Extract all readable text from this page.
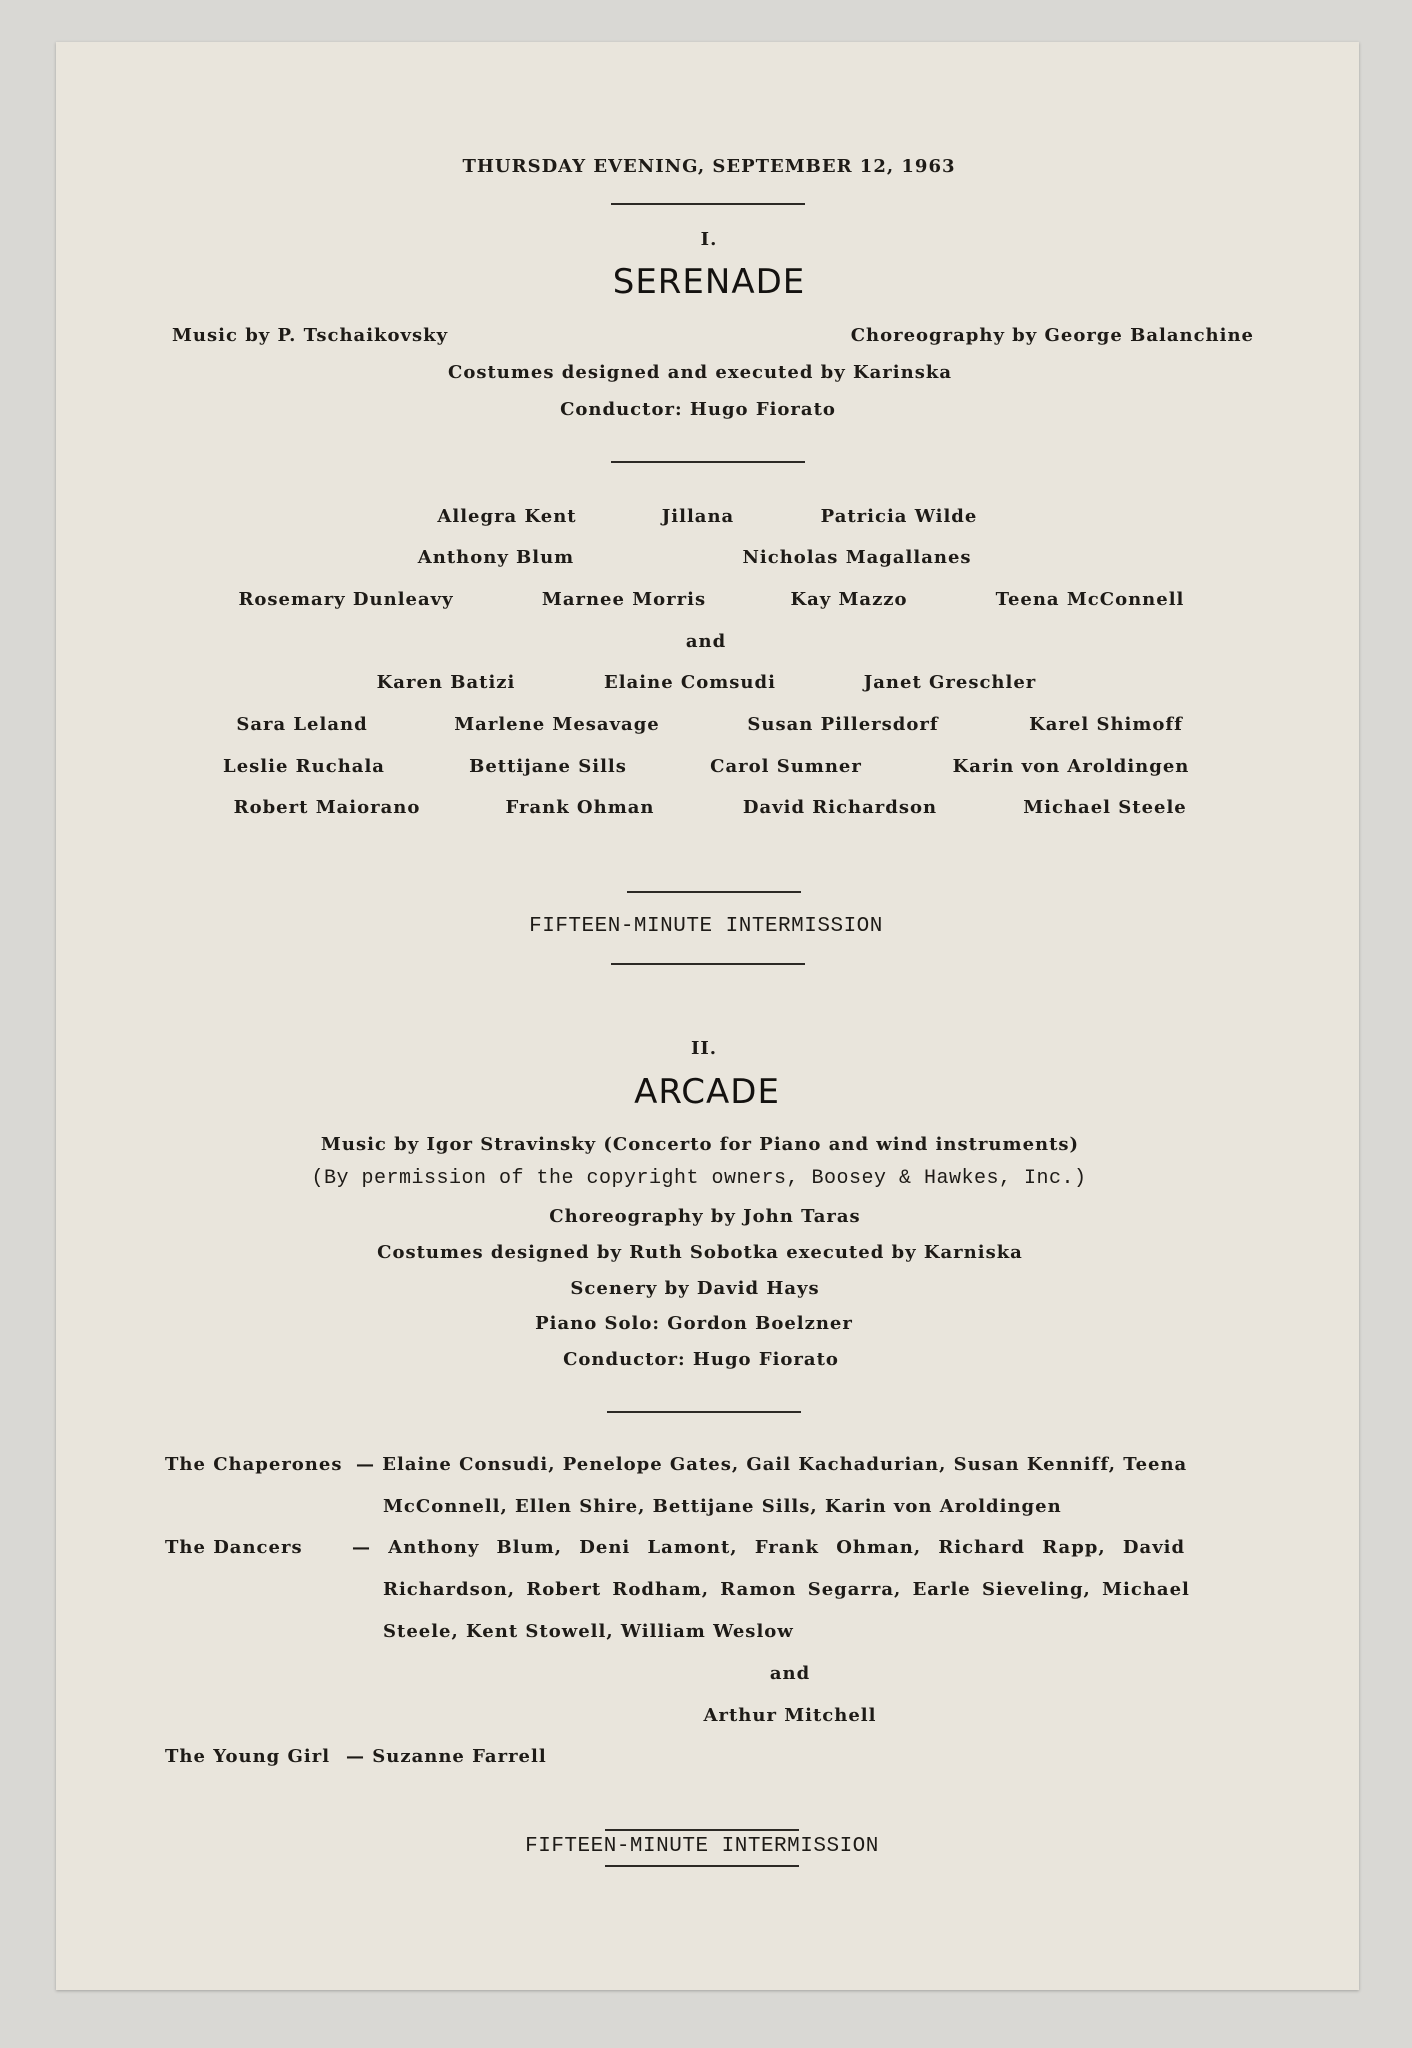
THURSDAY EVENING, SEPTEMBER 12, 1963
I.
SERENADE
Music by P. Tschaikovsky	Choreography by George Balanchine
Costumes designed and executed by Karinska
Conductor: Hugo Fiorato
Allegra Kent	Jillana	Patricia Wilde
Anthony Blum	Nicholas Magallanes
Rosemary Dunleavy	Marnee Morris	Kay Mazzo	Teena McConnell
and
Karen Batizi	Elaine Comsudi	Janet Greschler
Sara Leland	Marlene Mesavage	Susan Pillersdorf	Karel Shimoff
Leslie Ruchala	Bettijane Sills	Carol Sumner	Karin von Aroldingen
Robert Maiorano	Frank Ohman	David Richardson	Michael Steele
FIFTEEN-MINUTE INTERMISSION
II.
ARCADE
Music by Igor Stravinsky (Concerto for Piano and wind instruments)
(By permission of the copyright owners, Boosey & Hawkes, Inc.)
Choreography by John Taras
Costumes designed by Ruth Sobotka executed by Karniska
Scenery by David Hays
Piano Solo: Gordon Boelzner
Conductor: Hugo Fiorato
The Chaperones — Elaine Consudi, Penelope Gates, Gail Kachadurian, Susan Kenniff, Teena
McConnell, Ellen Shire, Bettijane Sills, Karin von Aroldingen
The Dancers	— Anthony Blum, Deni Lamont, Frank Ohman, Richard Rapp, David
Richardson, Robert Rodham, Ramon Segarra, Earle Sieveling, Michael
Steele, Kent Stowell, William Weslow
and
Arthur Mitchell
The Young Girl — Suzanne Farrell
FIFTEEN-MINUTE INTERMISSION
